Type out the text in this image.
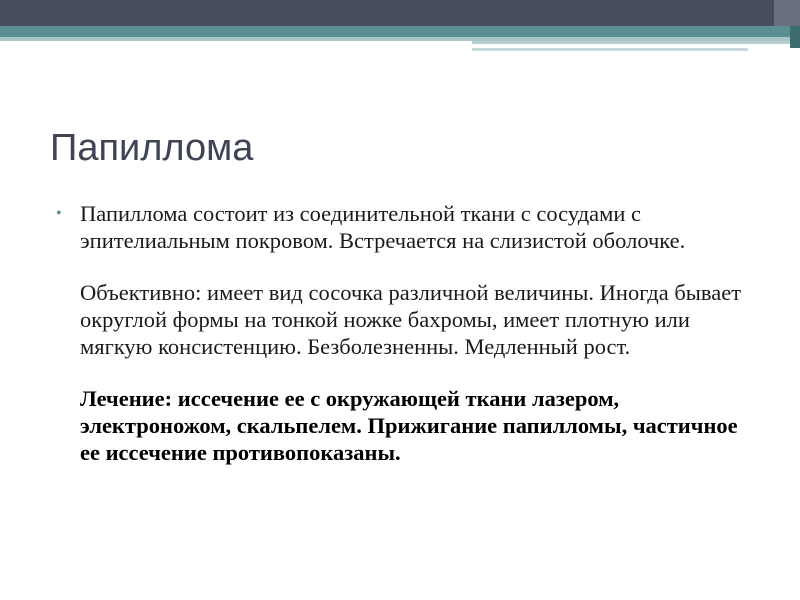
Папиллома
• Папиллома состоит из соединительной ткани с сосудами с эпителиальным покровом. Встречается на слизистой оболочке.

Объективно: имеет вид сосочка различной величины. Иногда бывает округлой формы на тонкой ножке бахромы, имеет плотную или мягкую консистенцию. Безболезненны. Медленный рост.

Лечение: иссечение ее с окружающей ткани лазером, электроножом, скальпелем. Прижигание папилломы, частичное ее иссечение противопоказаны.
